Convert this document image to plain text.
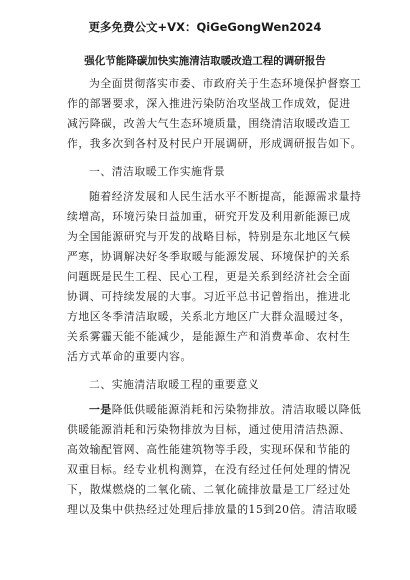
更多免费公文+VX：QiGeGongWen2024
强化节能降碳加快实施清洁取暖改造工程的调研报告
为全面贯彻落实市委、市政府关于生态环境保护督察工
作的部署要求，深入推进污染防治攻坚战工作成效，促进
减污降碳，改善大气生态环境质量，围绕清洁取暖改造工
作，我多次到各村及村民户开展调研，形成调研报告如下。
一、清洁取暖工作实施背景
随着经济发展和人民生活水平不断提高，能源需求量持
续增高，环境污染日益加重，研究开发及利用新能源已成
为全国能源研究与开发的战略目标，特别是东北地区气候
严寒，协调解决好冬季取暖与能源发展、环境保护的关系
问题既是民生工程、民心工程，更是关系到经济社会全面
协调、可持续发展的大事。习近平总书记曾指出，推进北
方地区冬季清洁取暖，关系北方地区广大群众温暖过冬，
关系雾霾天能不能减少，是能源生产和消费革命、农村生
活方式革命的重要内容。
二、实施清洁取暖工程的重要意义
一是降低供暖能源消耗和污染物排放。清洁取暖以降低
供暖能源消耗和污染物排放为目标，通过使用清洁热源、
高效输配管网、高性能建筑物等手段，实现环保和节能的
双重目标。经专业机构测算，在没有经过任何处理的情况
下，散煤燃烧的二氧化硫、二氧化硫排放量是工厂经过处
理以及集中供热经过处理后排放量的15到20倍。清洁取暖
